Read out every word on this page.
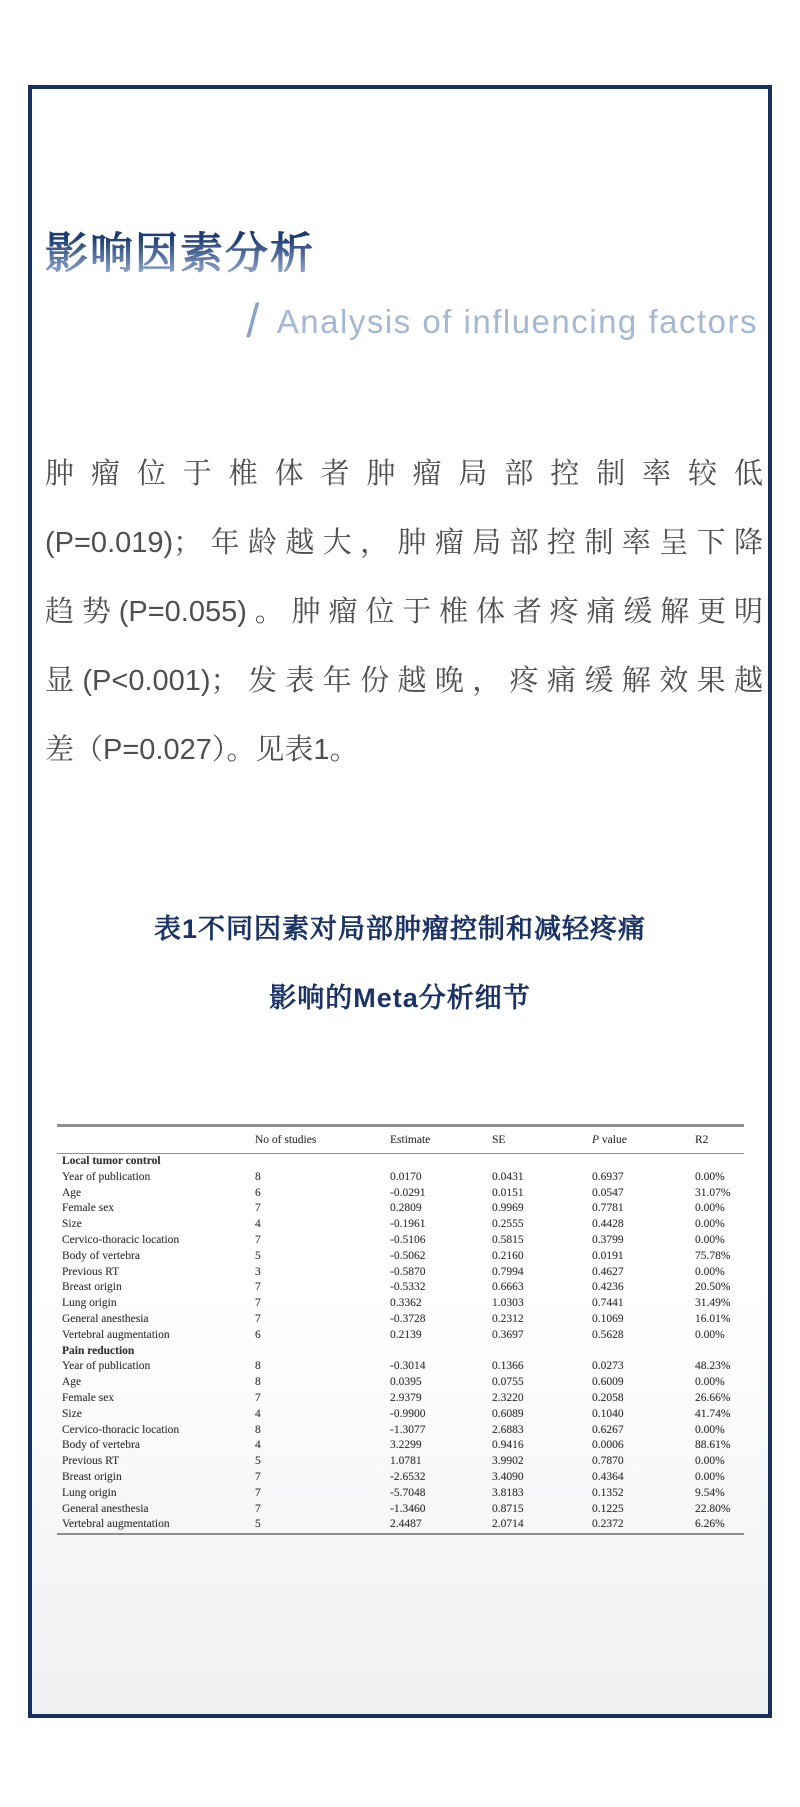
影响因素分析
/ Analysis of influencing factors
肿瘤位于椎体者肿瘤局部控制率较低
(P=0.019)；年龄越大，肿瘤局部控制率呈下降
趋势(P=0.055)。肿瘤位于椎体者疼痛缓解更明
显(P<0.001)；发表年份越晚，疼痛缓解效果越
差（P=0.027）。见表1。
表1不同因素对局部肿瘤控制和减轻疼痛
影响的Meta分析细节
	No of studies	Estimate	SE	P value	R2
Local tumor control					
Year of publication	8	0.0170	0.0431	0.6937	0.00%
Age	6	-0.0291	0.0151	0.0547	31.07%
Female sex	7	0.2809	0.9969	0.7781	0.00%
Size	4	-0.1961	0.2555	0.4428	0.00%
Cervico-thoracic location	7	-0.5106	0.5815	0.3799	0.00%
Body of vertebra	5	-0.5062	0.2160	0.0191	75.78%
Previous RT	3	-0.5870	0.7994	0.4627	0.00%
Breast origin	7	-0.5332	0.6663	0.4236	20.50%
Lung origin	7	0.3362	1.0303	0.7441	31.49%
General anesthesia	7	-0.3728	0.2312	0.1069	16.01%
Vertebral augmentation	6	0.2139	0.3697	0.5628	0.00%
Pain reduction					
Year of publication	8	-0.3014	0.1366	0.0273	48.23%
Age	8	0.0395	0.0755	0.6009	0.00%
Female sex	7	2.9379	2.3220	0.2058	26.66%
Size	4	-0.9900	0.6089	0.1040	41.74%
Cervico-thoracic location	8	-1.3077	2.6883	0.6267	0.00%
Body of vertebra	4	3.2299	0.9416	0.0006	88.61%
Previous RT	5	1.0781	3.9902	0.7870	0.00%
Breast origin	7	-2.6532	3.4090	0.4364	0.00%
Lung origin	7	-5.7048	3.8183	0.1352	9.54%
General anesthesia	7	-1.3460	0.8715	0.1225	22.80%
Vertebral augmentation	5	2.4487	2.0714	0.2372	6.26%
